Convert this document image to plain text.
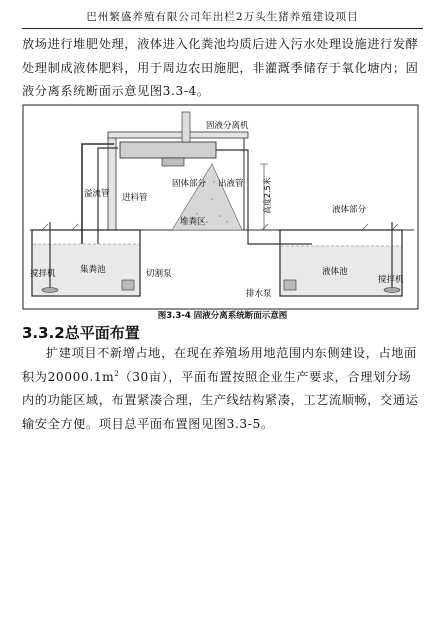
巴州繁盛养殖有限公司年出栏2万头生猪养殖建设项目

放场进行堆肥处理，液体进入化粪池均质后进入污水处理设施进行发酵处理制成液体肥料，用于周边农田施肥，非灌溉季储存于氧化塘内；固液分离系统断面示意见图3.3-4。

固液分离机
固体部分 出液管
溢流管 进料管
堆粪区
高度2.5米	液体部分
搅拌机	集粪池	切割泵
排水泵
液体池
搅拌机
图3.3-4 固液分离系统断面示意图
3.3.2总平面布置

扩建项目不新增占地，在现在养殖场用地范围内东侧建设，占地面积为$20000.1m^2(30$亩），平面布置按照企业生产要求，合理划分场内的功能区域，布置紧凑合理，生产线结构紧凑，工艺流顺畅，交通运输安全方便。项目总平面布置图见图3.3-5。
